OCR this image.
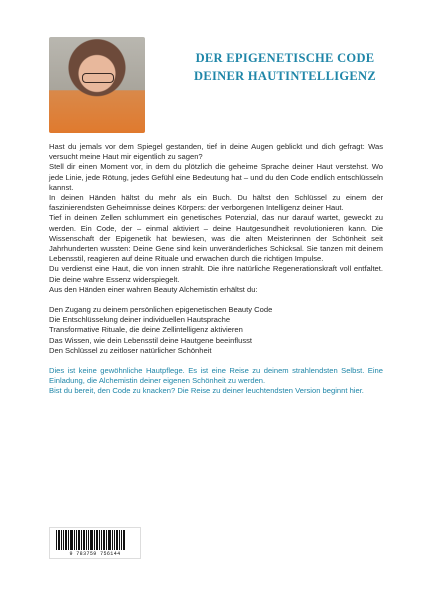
DER EPIGENETISCHE CODE
DEINER HAUTINTELLIGENZ

Hast du jemals vor dem Spiegel gestanden, tief in deine Augen geblickt und dich gefragt: Was versucht meine Haut mir eigentlich zu sagen?

Stell dir einen Moment vor, in dem du plötzlich die geheime Sprache deiner Haut verstehst. Wo jede Linie, jede Rötung, jedes Gefühl eine Bedeutung hat – und du den Code endlich entschlüsseln kannst.

In deinen Händen hältst du mehr als ein Buch. Du hältst den Schlüssel zu einem der faszinierendsten Geheimnisse deines Körpers: der verborgenen Intelligenz deiner Haut.

Tief in deinen Zellen schlummert ein genetisches Potenzial, das nur darauf wartet, geweckt zu werden. Ein Code, der – einmal aktiviert – deine Hautgesundheit revolutionieren kann. Die Wissenschaft der Epigenetik hat bewiesen, was die alten Meisterinnen der Schönheit seit Jahrhunderten wussten: Deine Gene sind kein unveränderliches Schicksal. Sie tanzen mit deinem Lebensstil, reagieren auf deine Rituale und erwachen durch die richtigen Impulse.

Du verdienst eine Haut, die von innen strahlt. Die ihre natürliche Regenerationskraft voll entfaltet. Die deine wahre Essenz widerspiegelt.

Aus den Händen einer wahren Beauty Alchemistin erhältst du:

Den Zugang zu deinem persönlichen epigenetischen Beauty Code

Die Entschlüsselung deiner individuellen Hautsprache

Transformative Rituale, die deine Zellintelligenz aktivieren

Das Wissen, wie dein Lebensstil deine Hautgene beeinflusst

Den Schlüssel zu zeitloser natürlicher Schönheit

Dies ist keine gewöhnliche Hautpflege. Es ist eine Reise zu deinem strahlendsten Selbst. Eine Einladung, die Alchemistin deiner eigenen Schönheit zu werden.

Bist du bereit, den Code zu knacken? Die Reise zu deiner leuchtendsten Version beginnt hier.

9 783759 756144
